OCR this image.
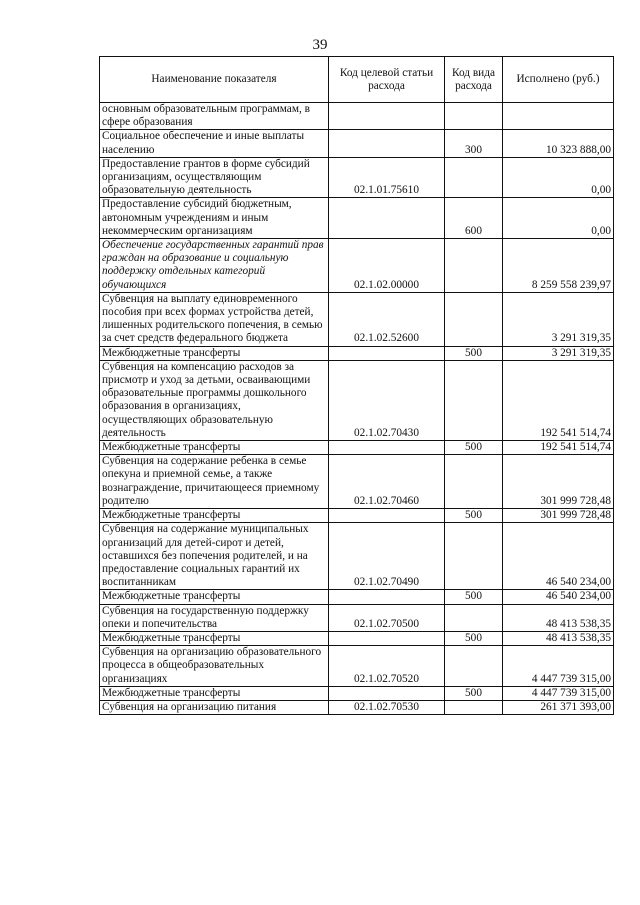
39
Наименование показателя	Код целевой статьи расхода	Код вида расхода	Исполнено (руб.)
основным образовательным программам, в сфере образования			
Социальное обеспечение и иные выплаты населению		300	10 323 888,00
Предоставление грантов в форме субсидий организациям, осуществляющим образовательную деятельность	02.1.01.75610		0,00
Предоставление субсидий бюджетным, автономным учреждениям и иным некоммерческим организациям		600	0,00
Обеспечение государственных гарантий прав граждан на образование и социальную поддержку отдельных категорий обучающихся	02.1.02.00000		8 259 558 239,97
Субвенция на выплату единовременного пособия при всех формах устройства детей, лишенных родительского попечения, в семью за счет средств федерального бюджета	02.1.02.52600		3 291 319,35
Межбюджетные трансферты		500	3 291 319,35
Субвенция на компенсацию расходов за присмотр и уход за детьми, осваивающими образовательные программы дошкольного образования в организациях, осуществляющих образовательную деятельность	02.1.02.70430		192 541 514,74
Межбюджетные трансферты		500	192 541 514,74
Субвенция на содержание ребенка в семье опекуна и приемной семье, а также вознаграждение, причитающееся приемному родителю	02.1.02.70460		301 999 728,48
Межбюджетные трансферты		500	301 999 728,48
Субвенция на содержание муниципальных организаций для детей-сирот и детей, оставшихся без попечения родителей, и на предоставление социальных гарантий их воспитанникам	02.1.02.70490		46 540 234,00
Межбюджетные трансферты		500	46 540 234,00
Субвенция на государственную поддержку опеки и попечительства	02.1.02.70500		48 413 538,35
Межбюджетные трансферты		500	48 413 538,35
Субвенция на организацию образовательного процесса в общеобразовательных организациях	02.1.02.70520		4 447 739 315,00
Межбюджетные трансферты		500	4 447 739 315,00
Субвенция на организацию питания	02.1.02.70530		261 371 393,00
